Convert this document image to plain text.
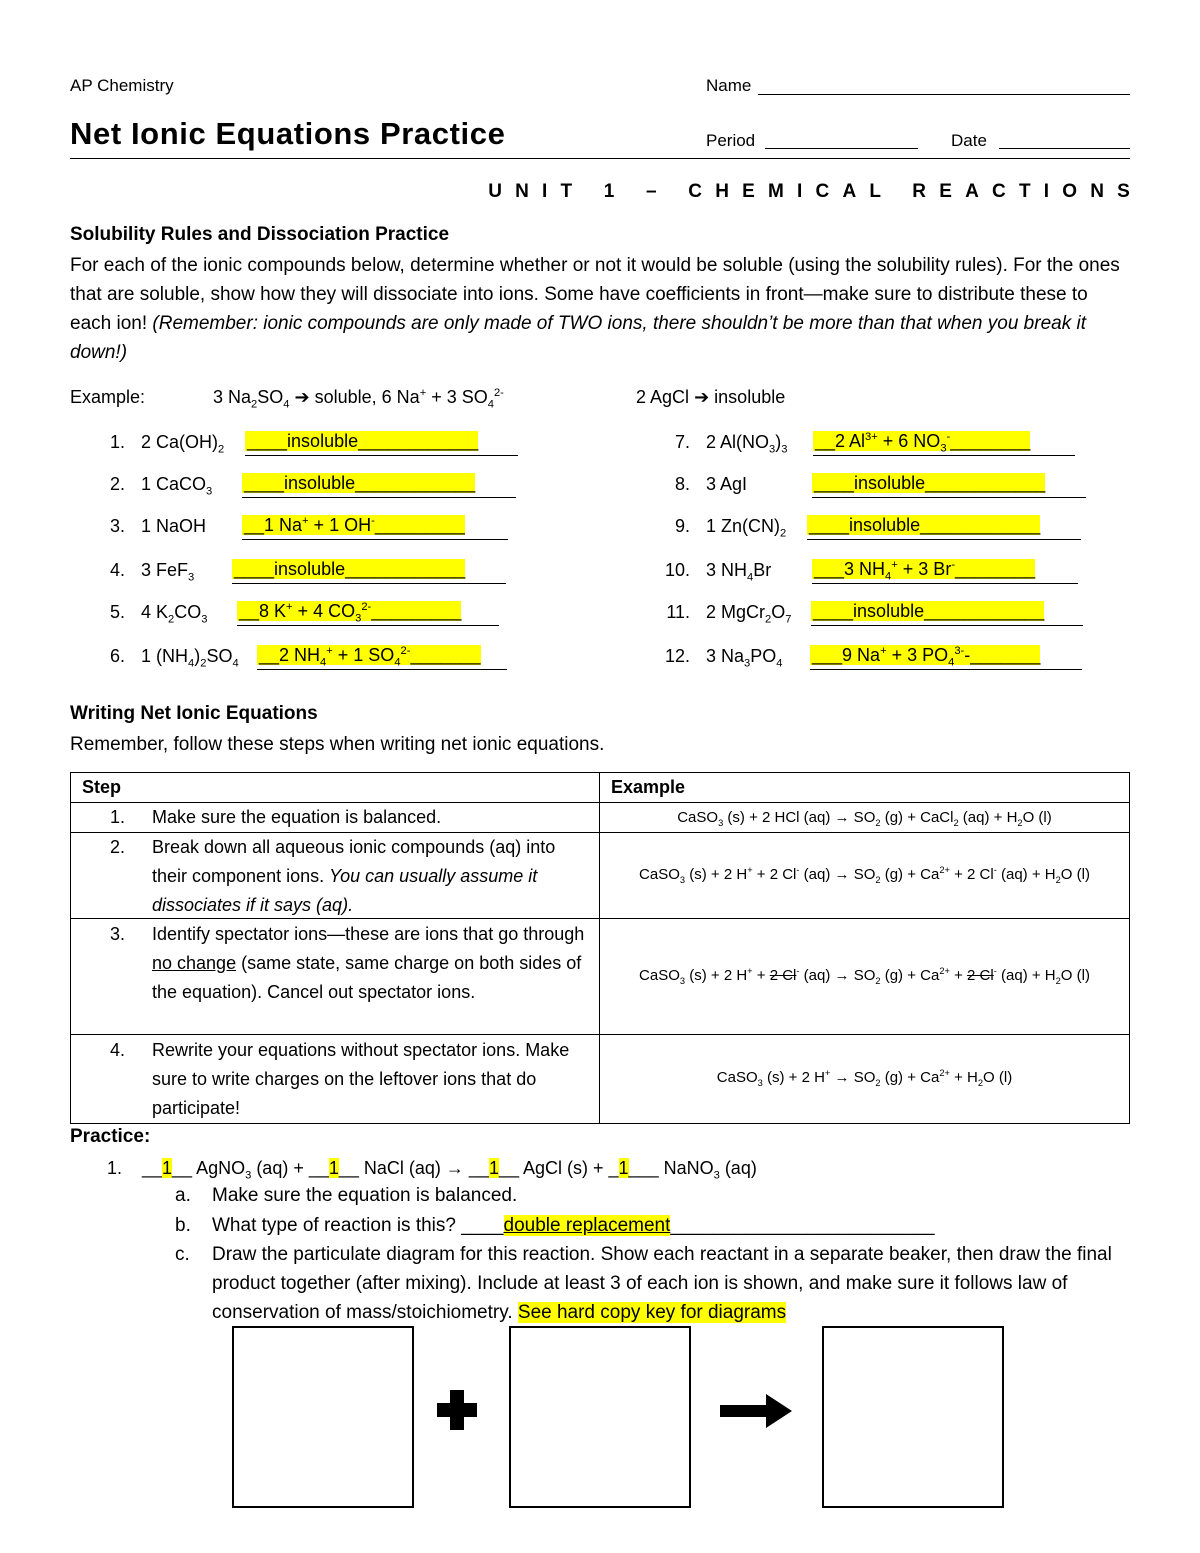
AP Chemistry
Net Ionic Equations Practice
Name
Period	Date
UNIT 1 – CHEMICAL REACTIONS
Solubility Rules and Dissociation Practice
For each of the ionic compounds below, determine whether or not it would be soluble (using the solubility rules). For the ones that are soluble, show how they will dissociate into ions. Some have coefficients in front—make sure to distribute these to each ion! (Remember: ionic compounds are only made of TWO ions, there shouldn’t be more than that when you break it down!)
Example:	3 $Na_2SO_4$ ➔ soluble, 6 Na+ + 3 $SO_4^{2-}$	2 AgCl ➔ insoluble
1. 2 $Ca(OH)_2$ ____insoluble____________
2. 1 CaCO$_3$ ____insoluble____________
3. 1 NaOH __1 Na+ + 1 OH-_________
4. 3 FeF$_3$ ____insoluble____________
5. 4 $K_2CO_3$ __8 K+ + 4 $CO_3^{2-}\_\_\_\_\_\_\_\_\_$
6. 1 $(NH_4)_2SO_4$ __2 $NH_4^+ + 1$ $SO_4^{2-}\_\_\_\_\_\_\_$
7. 2 $Al(NO_3)_3$ __2 $Al^{3+} + 6$ $NO_3^-\_\_\_\_\_\_\_\_$
8. 3 AgI	____insoluble____________
9. 1 $Zn(CN)_2$ ____insoluble____________
10. 3 $NH_4Br$ ___3 $NH_4^+ + 3$ Br-________
11. 2 $MgCr_2O_7$ ____insoluble____________
12. 3 $Na_3PO_4$ ___9 Na+ + 3 $PO_4^{3-}-\_\_\_\_\_\_\_$
Writing Net Ionic Equations
Remember, follow these steps when writing net ionic equations.
Step	Example
1. Make sure the equation is balanced.	CaSO$_3$ (s) + 2 HCl $(aq) \to SO_2$ (g) + CaCl$_2$ $(aq) + H_2O$ (l)
2. Break down all aqueous ionic compounds (aq) into their component ions. You can usually assume it dissociates if it says (aq).
CaSO$_3$ (s) + 2 H+ + 2 Cl- $(aq) \to SO_2$ $(g) + Ca^{2+} + 2$ Cl- $(aq) + H_2O$ (l)
3. Identify spectator ions—these are ions that go through no change (same state, same charge on both sides of the equation). Cancel out spectator ions.
CaSO$_3$ (s) + 2 H+ + 2 Cl- $(aq) \to SO_2$ $(g) + Ca^{2+} + 2$ Cl- $(aq) + H_2O$ (l)
4. Rewrite your equations without spectator ions. Make sure to write charges on the leftover ions that do participate!
CaSO$_3$ (s) + 2 $H^+ \to SO_2$ $(g) + Ca^{2+} + H_2O$ (l)
Practice:
1. __1__ AgNO$_3$ (aq) + __1__ NaCl (aq) → __1__ AgCl (s) + _1___ NaNO$_3$ (aq)
a. Make sure the equation is balanced.
b. What type of reaction is this? ____double replacement_________________________
c. Draw the particulate diagram for this reaction. Show each reactant in a separate beaker, then draw the final product together (after mixing). Include at least 3 of each ion is shown, and make sure it follows law of conservation of mass/stoichiometry. See hard copy key for diagrams
